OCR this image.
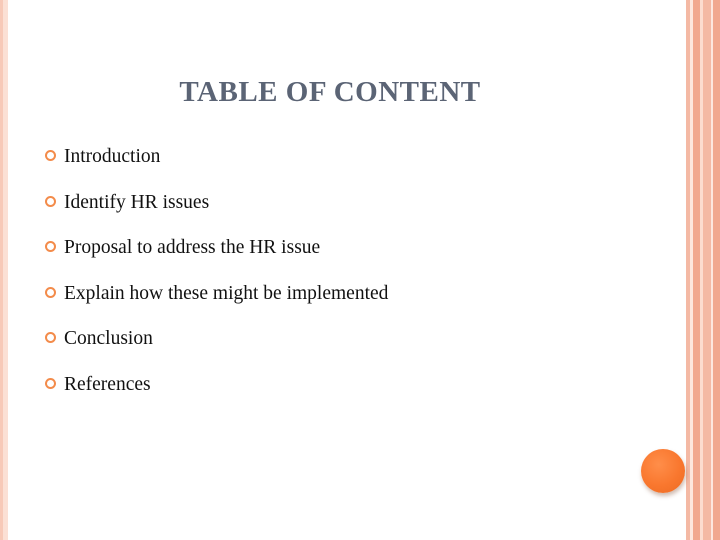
TABLE OF CONTENT
Introduction
Identify HR issues
Proposal to address the HR issue
Explain how these might be implemented
Conclusion
References
